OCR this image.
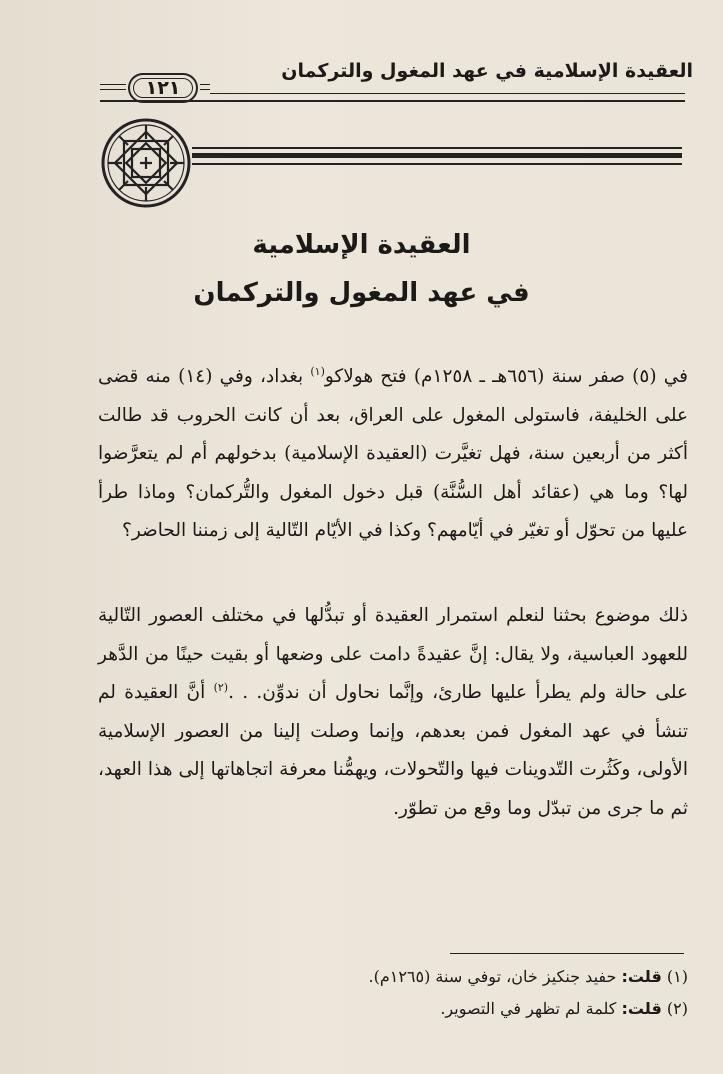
العقيدة الإسلامية في عهد المغول والتركمان
١٢١
العقيدة الإسلامية
في عهد المغول والتركمان
في (٥) صفر سنة (٦٥٦هـ ـ ١٢٥٨م) فتح هولاكو$^{(١)}$ بغداد، وفي (١٤) منه قضى على الخليفة، فاستولى المغول على العراق، بعد أن كانت الحروب قد طالت أكثر من أربعين سنة، فهل تغيَّرت (العقيدة الإسلامية) بدخولهم أم لم يتعرَّضوا لها؟ وما هي (عقائد أهل السُّنَّة) قبل دخول المغول والتُّركمان؟ وماذا طرأ عليها من تحوّل أو تغيّر في أيّامهم؟ وكذا في الأيّام التّالية إلى زمننا الحاضر؟
ذلك موضوع بحثنا لنعلم استمرار العقيدة أو تبدُّلها في مختلف العصور التّالية للعهود العباسية، ولا يقال: إنَّ عقيدةً دامت على وضعها أو بقيت حينًا من الدَّهر على حالة ولم يطرأ عليها طارئ، وإنَّما نحاول أن ندوِّن. . .$^{(٢)}$ أنَّ العقيدة لم تنشأ في عهد المغول فمن بعدهم، وإنما وصلت إلينا من العصور الإسلامية الأولى، وكَثُرت التّدوينات فيها والتّحولات، ويهمُّنا معرفة اتجاهاتها إلى هذا العهد، ثم ما جرى من تبدّل وما وقع من تطوّر.
(١) قلت: حفيد جنكيز خان، توفي سنة (١٢٦٥م).
(٢) قلت: كلمة لم تظهر في التصوير.
